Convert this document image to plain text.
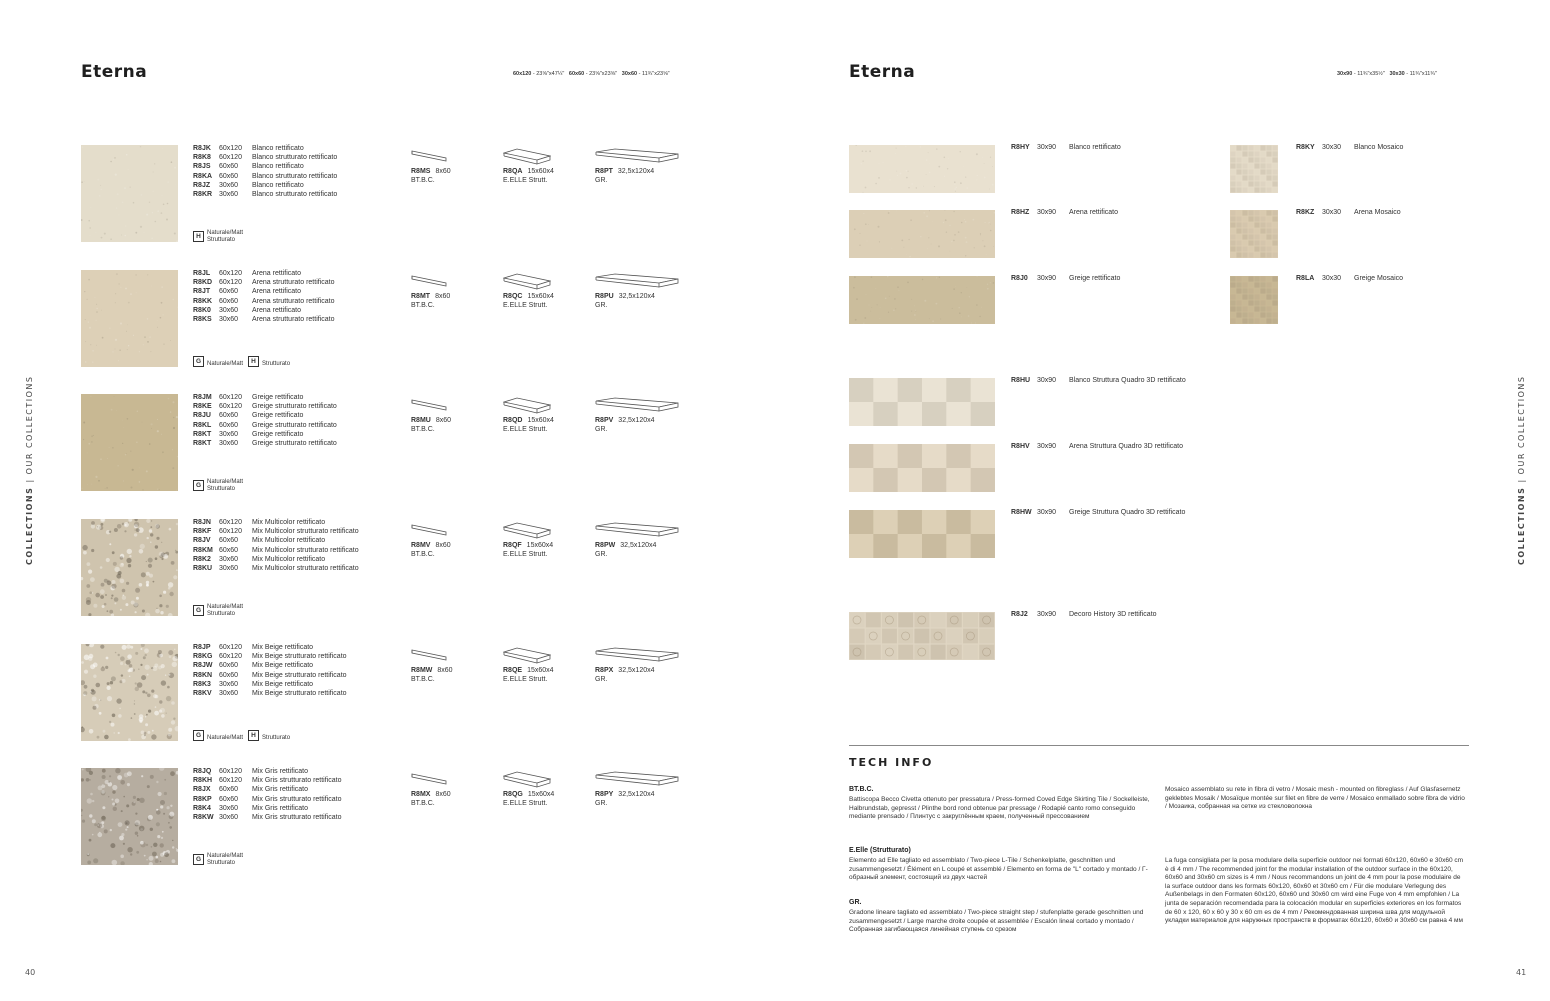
Eterna	60x120 - 23⅝"x47¼" 60x60 - 23⅝"x23⅝" 30x60 - 11¾"x23⅝"
COLLECTIONS | OUR COLLECTIONS
40
R8JK 60x120 Blanco rettificato
R8K8 60x120 Blanco strutturato rettificato
R8JS 60x60 Blanco rettificato
R8KA 60x60 Blanco strutturato rettificato
R8JZ 30x60 Blanco rettificato
R8KR 30x60 Blanco strutturato rettificato
H	Naturale/Matt
Strutturato
R8MS 8x60
BT.B.C.
R8QA 15x60x4
E.ELLE Strutt.
R8PT 32,5x120x4
GR.
R8JL 60x120 Arena rettificato
R8KD 60x120 Arena strutturato rettificato
R8JT 60x60 Arena rettificato
R8KK 60x60 Arena strutturato rettificato
R8K0 30x60 Arena rettificato
R8KS 30x60 Arena strutturato rettificato
G Naturale/Matt	H	Strutturato
R8MT 8x60
BT.B.C.
R8QC 15x60x4
E.ELLE Strutt.
R8PU 32,5x120x4
GR.
R8JM 60x120 Greige rettificato
R8KE 60x120 Greige strutturato rettificato
R8JU 60x60 Greige rettificato
R8KL 60x60 Greige strutturato rettificato
R8KT 30x60 Greige rettificato
R8KT 30x60 Greige strutturato rettificato
G Naturale/Matt
Strutturato
R8MU 8x60
BT.B.C.
R8QD 15x60x4
E.ELLE Strutt.
R8PV 32,5x120x4
GR.
R8JN 60x120 Mix Multicolor rettificato
R8KF 60x120 Mix Multicolor strutturato rettificato
R8JV 60x60 Mix Multicolor rettificato
R8KM 60x60 Mix Multicolor strutturato rettificato
R8K2 30x60 Mix Multicolor rettificato
R8KU 30x60 Mix Multicolor strutturato rettificato
G Naturale/Matt
Strutturato
R8MV 8x60
BT.B.C.
R8QF 15x60x4
E.ELLE Strutt.
R8PW 32,5x120x4
GR.
R8JP 60x120 Mix Beige rettificato
R8KG 60x120 Mix Beige strutturato rettificato
R8JW 60x60 Mix Beige rettificato
R8KN 60x60 Mix Beige strutturato rettificato
R8K3 30x60 Mix Beige rettificato
R8KV 30x60 Mix Beige strutturato rettificato
G Naturale/Matt	H	Strutturato
R8MW 8x60
BT.B.C.
R8QE 15x60x4
E.ELLE Strutt.
R8PX 32,5x120x4
GR.
R8JQ 60x120 Mix Gris rettificato
R8KH 60x120 Mix Gris strutturato rettificato
R8JX 60x60 Mix Gris rettificato
R8KP 60x60 Mix Gris strutturato rettificato
R8K4 30x60 Mix Gris rettificato
R8KW 30x60 Mix Gris strutturato rettificato
G Naturale/Matt
Strutturato
R8MX 8x60
BT.B.C.
R8QG 15x60x4
E.ELLE Strutt.
R8PY 32,5x120x4
GR.
Eterna	30x90 - 11¾"x35½" 30x30 - 11¾"x11¾"
COLLECTIONS | OUR COLLECTIONS
41
R8HY 30x90 Blanco rettificato
R8HZ 30x90 Arena rettificato
R8J0 30x90 Greige rettificato
R8HU 30x90 Blanco Struttura Quadro 3D rettificato
R8HV 30x90 Arena Struttura Quadro 3D rettificato
R8HW 30x90 Greige Struttura Quadro 3D rettificato
R8J2 30x90 Decoro History 3D rettificato
R8KY 30x30 Blanco Mosaico
R8KZ 30x30 Arena Mosaico
R8LA 30x30 Greige Mosaico
TECH INFO
BT.B.C.
Battiscopa Becco Civetta ottenuto per pressatura / Press-formed Coved Edge Skirting Tile / Sockelleiste, Halbrundstab, gepresst / Plinthe bord rond obtenue par pressage / Rodapié canto romo conseguido mediante prensado / Плинтус с закруглённым краем, полученный прессованием
E.Elle (Strutturato)
Elemento ad Elle tagliato ed assemblato / Two-piece L-Tile / Schenkelplatte, geschnitten und zusammengesetzt / Élément en L coupé et assemblé / Elemento en forma de "L" cortado y montado / Г-образный элемент, состоящий из двух частей
GR.
Gradone lineare tagliato ed assemblato / Two-piece straight step / stufenplatte gerade geschnitten und zusammengesetzt / Large marche droite coupée et assemblée / Escalón lineal cortado y montado / Собранная загибающаяся линейная ступень со срезом
Mosaico assemblato su rete in fibra di vetro / Mosaic mesh - mounted on fibreglass / Auf Glasfasernetz geklebtes Mosaik / Mosaïque montée sur filet en fibre de verre / Mosaico enmallado sobre fibra de vidrio / Мозаика, собранная на сетке из стекловолокна
La fuga consigliata per la posa modulare della superficie outdoor nei formati 60x120, 60x60 e 30x60 cm è di 4 mm / The recommended joint for the modular installation of the outdoor surface in the 60x120, 60x60 and 30x60 cm sizes is 4 mm / Nous recommandons un joint de 4 mm pour la pose modulaire de la surface outdoor dans les formats 60x120, 60x60 et 30x60 cm / Für die modulare Verlegung des Außenbelags in den Formaten 60x120, 60x60 und 30x60 cm wird eine Fuge von 4 mm empfohlen / La junta de separación recomendada para la colocación modular en superficies exteriores en los formatos de 60 x 120, 60 x 60 y 30 x 60 cm es de 4 mm / Рекомендованная ширина шва для модульной укладки материалов для наружных пространств в форматах 60x120, 60x60 и 30x60 см равна 4 мм
